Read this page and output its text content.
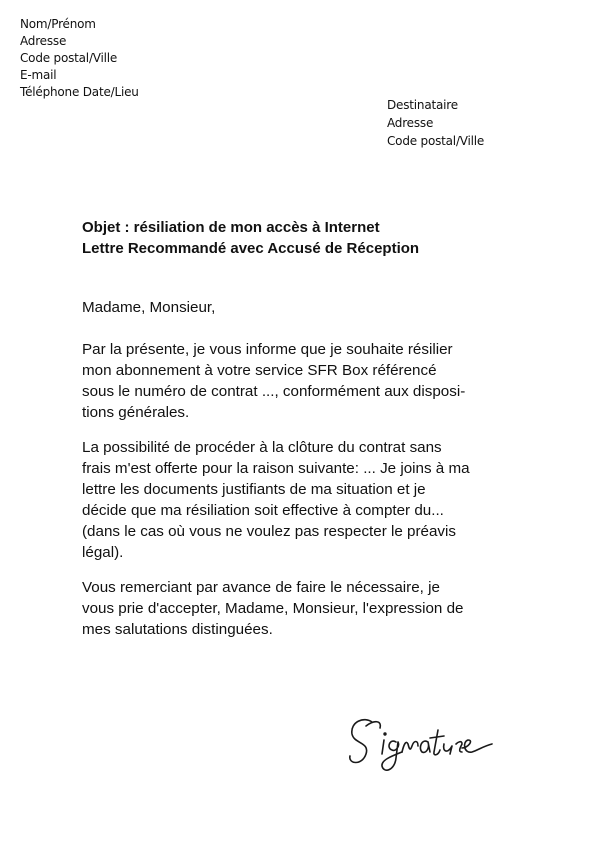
Nom/Prénom
Adresse
Code postal/Ville
E-mail
Téléphone Date/Lieu
Destinataire
Adresse
Code postal/Ville
Objet : résiliation de mon accès à Internet
Lettre Recommandé avec Accusé de Réception
Madame, Monsieur,
Par la présente, je vous informe que je souhaite résilier
mon abonnement à votre service SFR Box référencé
sous le numéro de contrat ..., conformément aux disposi-
tions générales.
La possibilité de procéder à la clôture du contrat sans
frais m'est offerte pour la raison suivante: ... Je joins à ma
lettre les documents justifiants de ma situation et je
décide que ma résiliation soit effective à compter du...
(dans le cas où vous ne voulez pas respecter le préavis
légal).
Vous remerciant par avance de faire le nécessaire, je
vous prie d'accepter, Madame, Monsieur, l'expression de
mes salutations distinguées.
